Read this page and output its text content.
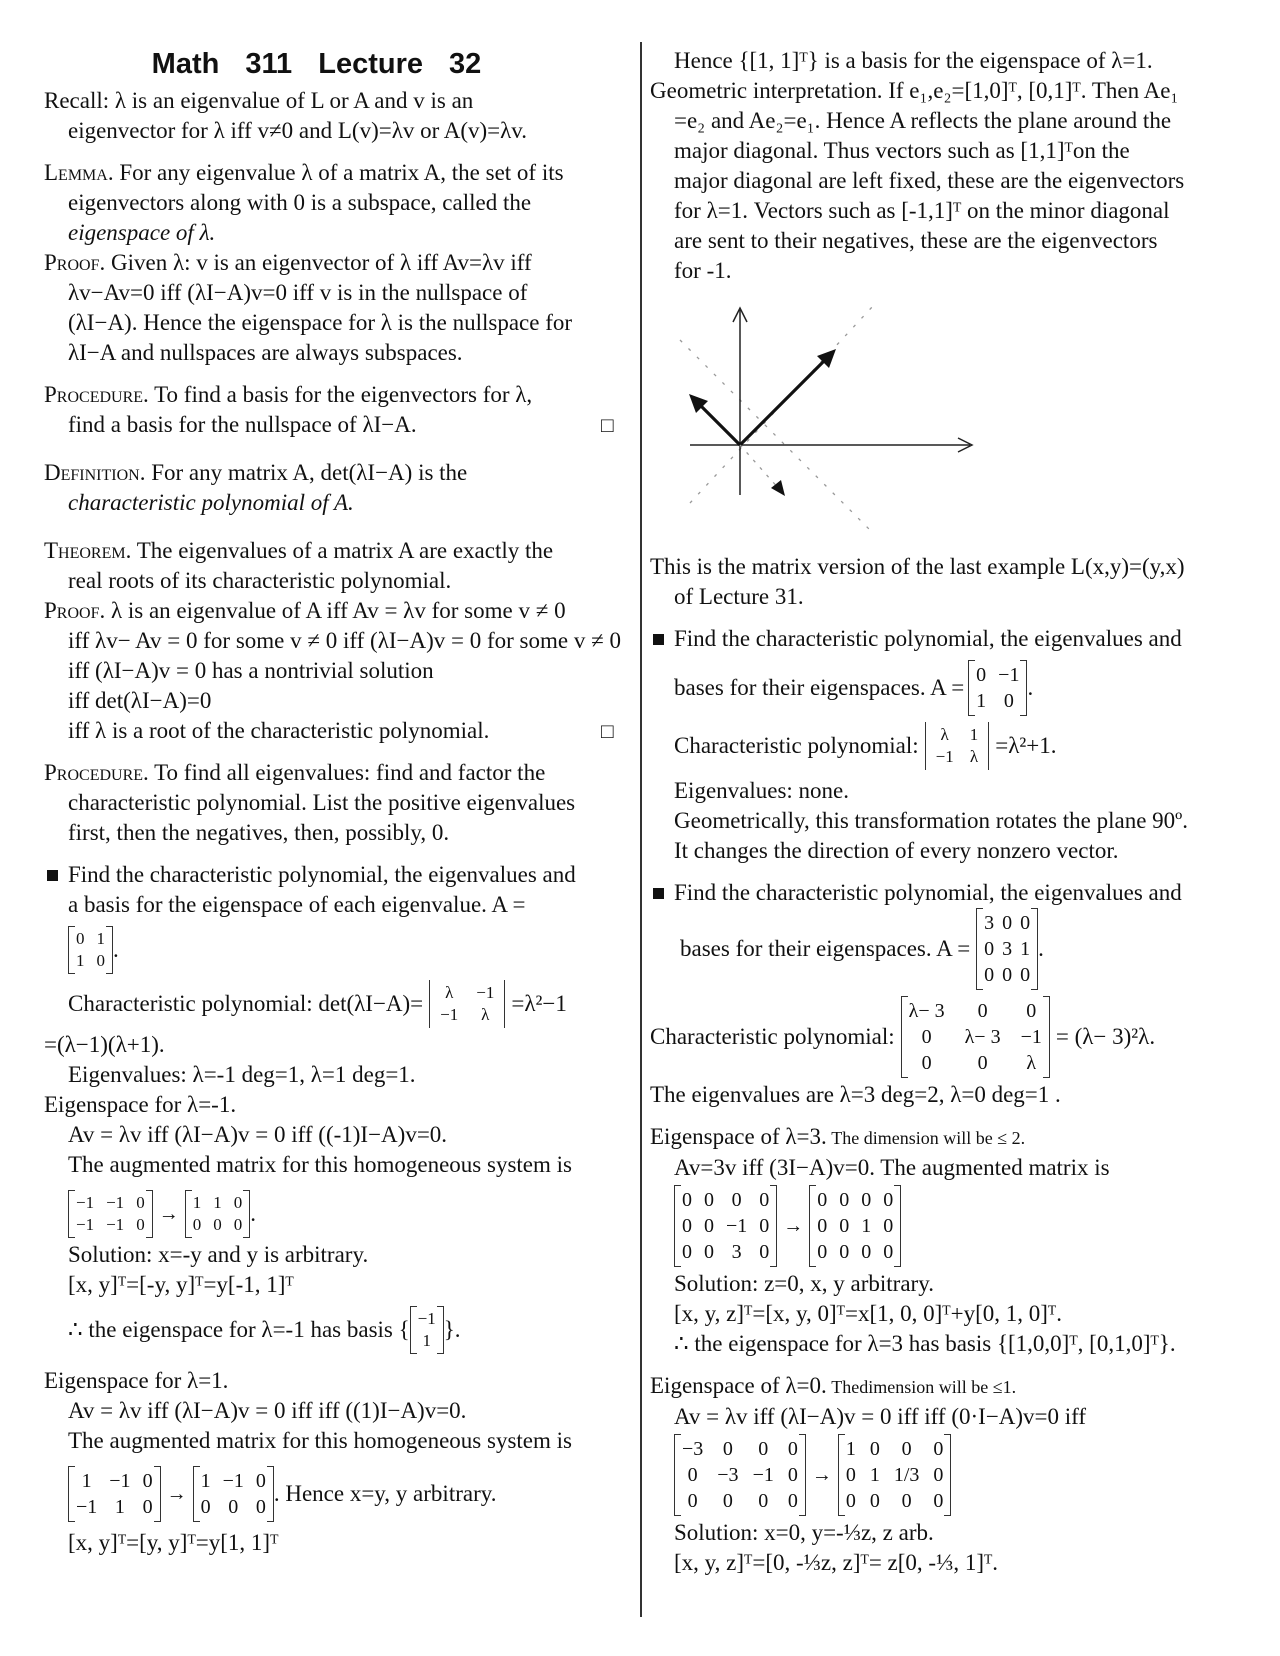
Math 311 Lecture 32

Recall: λ is an eigenvalue of L or A and v is an
eigenvector for λ iff v≠0 and L(v)=λv or A(v)=λv.

Lemma. For any eigenvalue λ of a matrix A, the set of its
eigenvectors along with 0 is a subspace, called the
eigenspace of λ.

Proof. Given λ: v is an eigenvector of λ iff Av=λv iff
λv−Av=0 iff (λI−A)v=0 iff v is in the nullspace of
(λI−A). Hence the eigenspace for λ is the nullspace for
λI−A and nullspaces are always subspaces.

Procedure. To find a basis for the eigenvectors for λ,
find a basis for the nullspace of λI−A.	□

Definition. For any matrix A, det(λI−A) is the
characteristic polynomial of A.

Theorem. The eigenvalues of a matrix A are exactly the
real roots of its characteristic polynomial.

Proof. λ is an eigenvalue of A iff Av = λv for some v ≠ 0
iff λv− Av = 0 for some v ≠ 0 iff (λI−A)v = 0 for some v ≠ 0
iff (λI−A)v = 0 has a nontrivial solution
iff det(λI−A)=0
iff λ is a root of the characteristic polynomial.	□

Procedure. To find all eigenvalues: find and factor the
characteristic polynomial. List the positive eigenvalues
first, then the negatives, then, possibly, 0.

Find the characteristic polynomial, the eigenvalues and

a basis for the eigenspace of each eigenvalue. A =

0 1
1 0 .
Characteristic polynomial: det(λI−A)= λ −1
−1 λ =λ²−1

=(λ−1)(λ+1).

Eigenvalues: λ=-1 deg=1, λ=1 deg=1.

Eigenspace for λ=-1.

Av = λv iff (λI−A)v = 0 iff ((-1)I−A)v=0.

The augmented matrix for this homogeneous system is

−1 −1 0
−1 −1 0 →
1 1 0
0 0 0 .

Solution: x=-y and y is arbitrary.

[x, y]ᵀ=[-y, y]ᵀ=y[-1, 1]ᵀ

∴ the eigenspace for λ=-1 has basis { −1
1 }.

Eigenspace for λ=1.

Av = λv iff (λI−A)v = 0 iff iff ((1)I−A)v=0.

The augmented matrix for this homogeneous system is

1 −1 0
−1 1 0
→
1 −1 0
0 0 0
. Hence x=y, y arbitrary.

[x, y]ᵀ=[y, y]ᵀ=y[1, 1]ᵀ

Hence {[1, 1]ᵀ} is a basis for the eigenspace of λ=1.

Geometric interpretation. If e₁,e₂=[1,0]ᵀ, [0,1]ᵀ. Then Ae₁
=e₂ and Ae₂=e₁. Hence A reflects the plane around the
major diagonal. Thus vectors such as [1,1]ᵀon the
major diagonal are left fixed, these are the eigenvectors
for λ=1. Vectors such as [-1,1]ᵀ on the minor diagonal
are sent to their negatives, these are the eigenvectors
for -1.

This is the matrix version of the last example L(x,y)=(y,x)
of Lecture 31.

Find the characteristic polynomial, the eigenvalues and

bases for their eigenspaces. A = 0 −1
1 0
.
Characteristic polynomial: λ 1
−1 λ =λ²+1.

Eigenvalues: none.

Geometrically, this transformation rotates the plane 90º.

It changes the direction of every nonzero vector.

Find the characteristic polynomial, the eigenvalues and

bases for their eigenspaces. A =
3 0 0
0 3 1
0 0 0
.
Characteristic polynomial:
λ− 3	0	0
0	λ− 3 −1
0	0	λ
= (λ− 3)²λ.

The eigenvalues are λ=3 deg=2, λ=0 deg=1 .

Eigenspace of λ=3. The dimension will be ≤ 2.

Av=3v iff (3I−A)v=0. The augmented matrix is

0 0 0 0
0 0 −1 0
0 0 3 0
→
0 0 0 0
0 0 1 0
0 0 0 0

Solution: z=0, x, y arbitrary.

[x, y, z]ᵀ=[x, y, 0]ᵀ=x[1, 0, 0]ᵀ+y[0, 1, 0]ᵀ.

∴ the eigenspace for λ=3 has basis {[1,0,0]ᵀ, [0,1,0]ᵀ}.

Eigenspace of λ=0. Thedimension will be ≤1.

Av = λv iff (λI−A)v = 0 iff iff (0·I−A)v=0 iff

−3 0 0 0
0 −3 −1 0
0 0 0 0
→
1 0	0	0
0 1 1/3 0
0 0	0	0

Solution: x=0, y=-⅓z, z arb.

[x, y, z]ᵀ=[0, -⅓z, z]ᵀ= z[0, -⅓, 1]ᵀ.
